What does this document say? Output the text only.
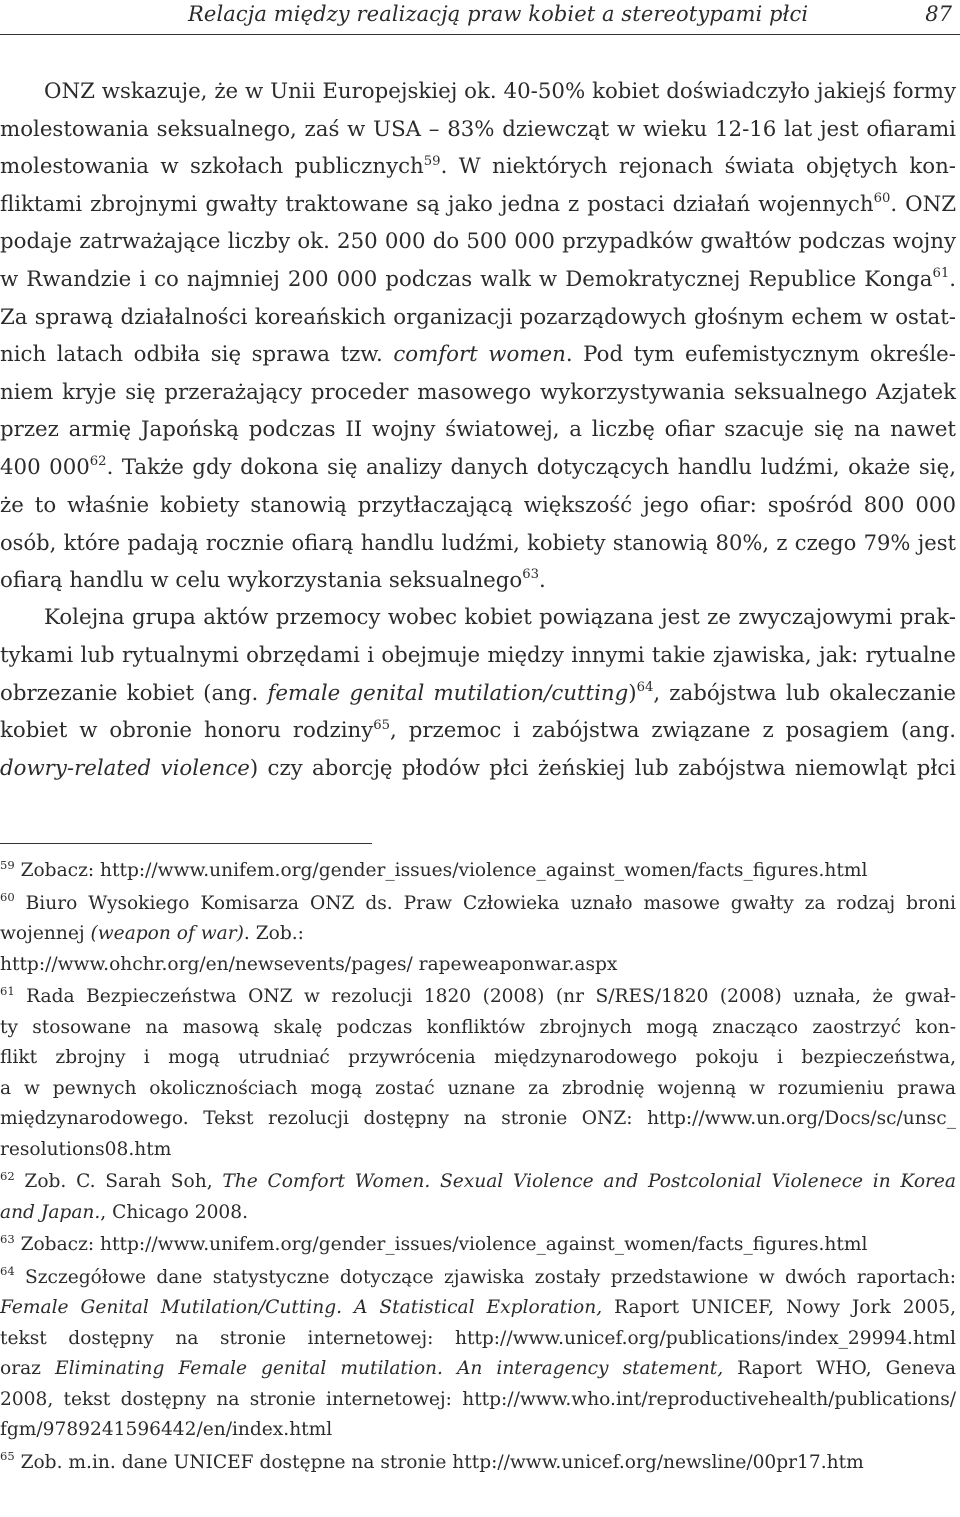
Relacja między realizacją praw kobiet a stereotypami płci	87
ONZ wskazuje, że w Unii Europejskiej ok. 40-50% kobiet doświadczyło jakiejś formy
molestowania seksualnego, zaś w USA – 83% dziewcząt w wieku 12-16 lat jest ofiarami
molestowania w szkołach publicznych$^{59}$. W niektórych rejonach świata objętych kon-
fliktami zbrojnymi gwałty traktowane są jako jedna z postaci działań wojennych$^{60}$. ONZ
podaje zatrważające liczby ok. 250 000 do 500 000 przypadków gwałtów podczas wojny
w Rwandzie i co najmniej 200 000 podczas walk w Demokratycznej Republice Konga$^{61}$.
Za sprawą działalności koreańskich organizacji pozarządowych głośnym echem w ostat-
nich latach odbiła się sprawa tzw. comfort women. Pod tym eufemistycznym określe-
niem kryje się przerażający proceder masowego wykorzystywania seksualnego Azjatek
przez armię Japońską podczas II wojny światowej, a liczbę ofiar szacuje się na nawet
400 $000^{62}$. Także gdy dokona się analizy danych dotyczących handlu ludźmi, okaże się,
że to właśnie kobiety stanowią przytłaczającą większość jego ofiar: spośród 800 000
osób, które padają rocznie ofiarą handlu ludźmi, kobiety stanowią 80%, z czego 79% jest
ofiarą handlu w celu wykorzystania seksualnego$^{63}$.
Kolejna grupa aktów przemocy wobec kobiet powiązana jest ze zwyczajowymi prak-
tykami lub rytualnymi obrzędami i obejmuje między innymi takie zjawiska, jak: rytualne
obrzezanie kobiet (ang. female genital mutilation/cutting)$^{64}$, zabójstwa lub okaleczanie
kobiet w obronie honoru rodziny$^{65}$, przemoc i zabójstwa związane z posagiem (ang.
dowry-related violence) czy aborcję płodów płci żeńskiej lub zabójstwa niemowląt płci
$^{59}$ Zobacz: http://www.unifem.org/gender_issues/violence_against_women/facts_figures.html
$^{60}$ Biuro Wysokiego Komisarza ONZ ds. Praw Człowieka uznało masowe gwałty za rodzaj broni
wojennej (weapon of war). Zob.:
http://www.ohchr.org/en/newsevents/pages/ rapeweaponwar.aspx
$^{61}$ Rada Bezpieczeństwa ONZ w rezolucji 1820 (2008) (nr S/RES/1820 (2008) uznała, że gwał-
ty stosowane na masową skalę podczas konfliktów zbrojnych mogą znacząco zaostrzyć kon-
flikt zbrojny i mogą utrudniać przywrócenia międzynarodowego pokoju i bezpieczeństwa,
a w pewnych okolicznościach mogą zostać uznane za zbrodnię wojenną w rozumieniu prawa
międzynarodowego. Tekst rezolucji dostępny na stronie ONZ: http://www.un.org/Docs/sc/unsc_
resolutions08.htm
$^{62}$ Zob. C. Sarah Soh, The Comfort Women. Sexual Violence and Postcolonial Violenece in Korea
and Japan., Chicago 2008.
$^{63}$ Zobacz: http://www.unifem.org/gender_issues/violence_against_women/facts_figures.html
$^{64}$ Szczegółowe dane statystyczne dotyczące zjawiska zostały przedstawione w dwóch raportach:
Female Genital Mutilation/Cutting. A Statistical Exploration, Raport UNICEF, Nowy Jork 2005,
tekst dostępny na stronie internetowej: http://www.unicef.org/publications/index_29994.html
oraz Eliminating Female genital mutilation. An interagency statement, Raport WHO, Geneva
2008, tekst dostępny na stronie internetowej: http://www.who.int/reproductivehealth/publications/
fgm/9789241596442/en/index.html
$^{65}$ Zob. m.in. dane UNICEF dostępne na stronie http://www.unicef.org/newsline/00pr17.htm
